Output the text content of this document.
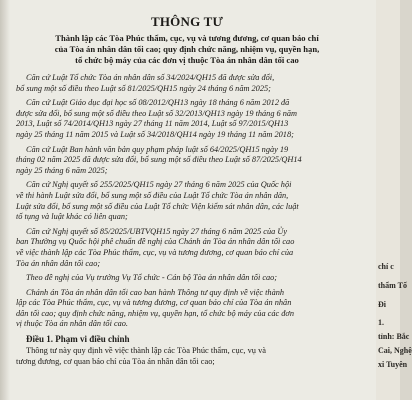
THÔNG TƯ
Thành lập các Tòa Phúc thẩm, cục, vụ và tương đương, cơ quan báo chí
của Tòa án nhân dân tối cao; quy định chức năng, nhiệm vụ, quyền hạn,
tổ chức bộ máy của các đơn vị thuộc Tòa án nhân dân tối cao
Căn cứ Luật Tổ chức Tòa án nhân dân số 34/2024/QH15 đã được sửa đổi,
bổ sung một số điều theo Luật số 81/2025/QH15 ngày 24 tháng 6 năm 2025;
Căn cứ Luật Giáo dục đại học số 08/2012/QH13 ngày 18 tháng 6 năm 2012 đã
được sửa đổi, bổ sung một số điều theo Luật số 32/2013/QH13 ngày 19 tháng 6 năm
2013, Luật số 74/2014/QH13 ngày 27 tháng 11 năm 2014, Luật số 97/2015/QH13
ngày 25 tháng 11 năm 2015 và Luật số 34/2018/QH14 ngày 19 tháng 11 năm 2018;
Căn cứ Luật Ban hành văn bản quy phạm pháp luật số 64/2025/QH15 ngày 19
tháng 02 năm 2025 đã được sửa đổi, bổ sung một số điều theo Luật số 87/2025/QH14
ngày 25 tháng 6 năm 2025;
Căn cứ Nghị quyết số 255/2025/QH15 ngày 27 tháng 6 năm 2025 của Quốc hội
về thi hành Luật sửa đổi, bổ sung một số điều của Luật Tổ chức Tòa án nhân dân,
Luật sửa đổi, bổ sung một số điều của Luật Tổ chức Viện kiểm sát nhân dân, các luật
tố tụng và luật khác có liên quan;
Căn cứ Nghị quyết số 85/2025/UBTVQH15 ngày 27 tháng 6 năm 2025 của Ủy
ban Thường vụ Quốc hội phê chuẩn đề nghị của Chánh án Tòa án nhân dân tối cao
về việc thành lập các Tòa Phúc thẩm, cục, vụ và tương đương, cơ quan báo chí của
Tòa án nhân dân tối cao;
Theo đề nghị của Vụ trưởng Vụ Tổ chức - Cán bộ Tòa án nhân dân tối cao;
Chánh án Tòa án nhân dân tối cao ban hành Thông tư quy định về việc thành
lập các Tòa Phúc thẩm, cục, vụ và tương đương, cơ quan báo chí của Tòa án nhân
dân tối cao; quy định chức năng, nhiệm vụ, quyền hạn, tổ chức bộ máy của các đơn
vị thuộc Tòa án nhân dân tối cao.
Điều 1. Phạm vi điều chỉnh
Thông tư này quy định về việc thành lập các Tòa Phúc thẩm, cục, vụ và
tương đương, cơ quan báo chí của Tòa án nhân dân tối cao;
chí c
thẩm Tố
Đi
1.
tỉnh: Bắc
Cai, Nghệ
xi Tuyên
